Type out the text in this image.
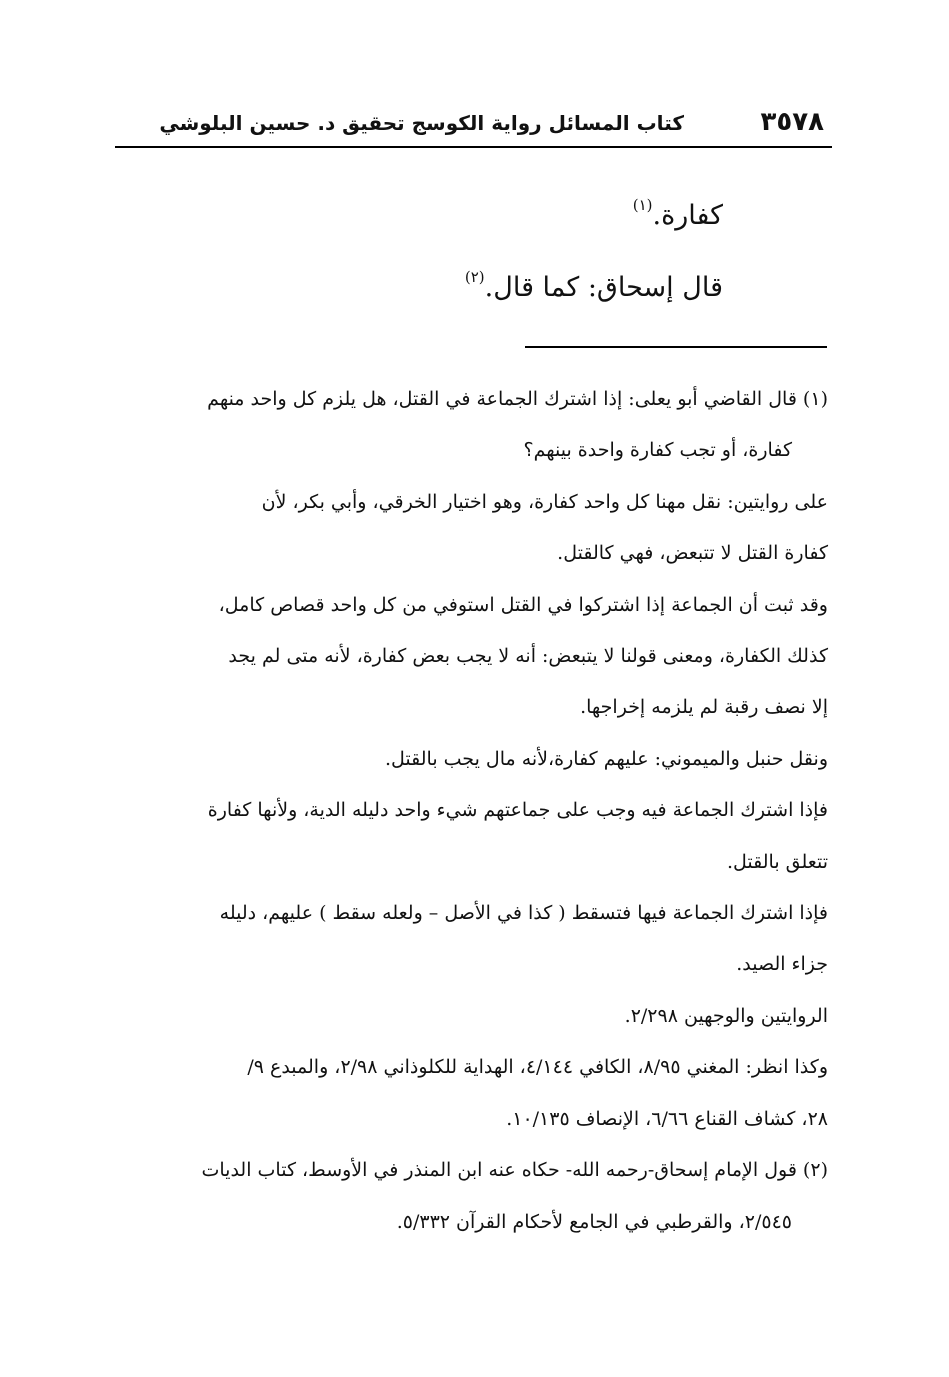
٣٥٧٨
كتاب المسائل رواية الكوسج تحقيق د. حسين البلوشي

كفارة.$^{(١)}$

قال إسحاق: كما قال.$^{(٢)}$

(١) قال القاضي أبو يعلى: إذا اشترك الجماعة في القتل، هل يلزم كل واحد منهم

كفارة، أو تجب كفارة واحدة بينهم؟

على روايتين: نقل مهنا كل واحد كفارة، وهو اختيار الخرقي، وأبي بكر، لأن

كفارة القتل لا تتبعض، فهي كالقتل.

وقد ثبت أن الجماعة إذا اشتركوا في القتل استوفي من كل واحد قصاص كامل،

كذلك الكفارة، ومعنى قولنا لا يتبعض: أنه لا يجب بعض كفارة، لأنه متى لم يجد

إلا نصف رقبة لم يلزمه إخراجها.

ونقل حنبل والميموني: عليهم كفارة،لأنه مال يجب بالقتل.

فإذا اشترك الجماعة فيه وجب على جماعتهم شيء واحد دليله الدية، ولأنها كفارة

تتعلق بالقتل.

فإذا اشترك الجماعة فيها فتسقط ( كذا في الأصل – ولعله سقط ) عليهم، دليله

جزاء الصيد.

الروايتين والوجهين ٢/٢٩٨.

وكذا انظر: المغني ٨/٩٥، الكافي ٤/١٤٤، الهداية للكلوذاني ٢/٩٨، والمبدع ٩/

٢٨، كشاف القناع ٦/٦٦، الإنصاف ١٠/١٣٥.

(٢) قول الإمام إسحاق-رحمه الله- حكاه عنه ابن المنذر في الأوسط، كتاب الديات

٢/٥٤٥، والقرطبي في الجامع لأحكام القرآن ٥/٣٣٢.
